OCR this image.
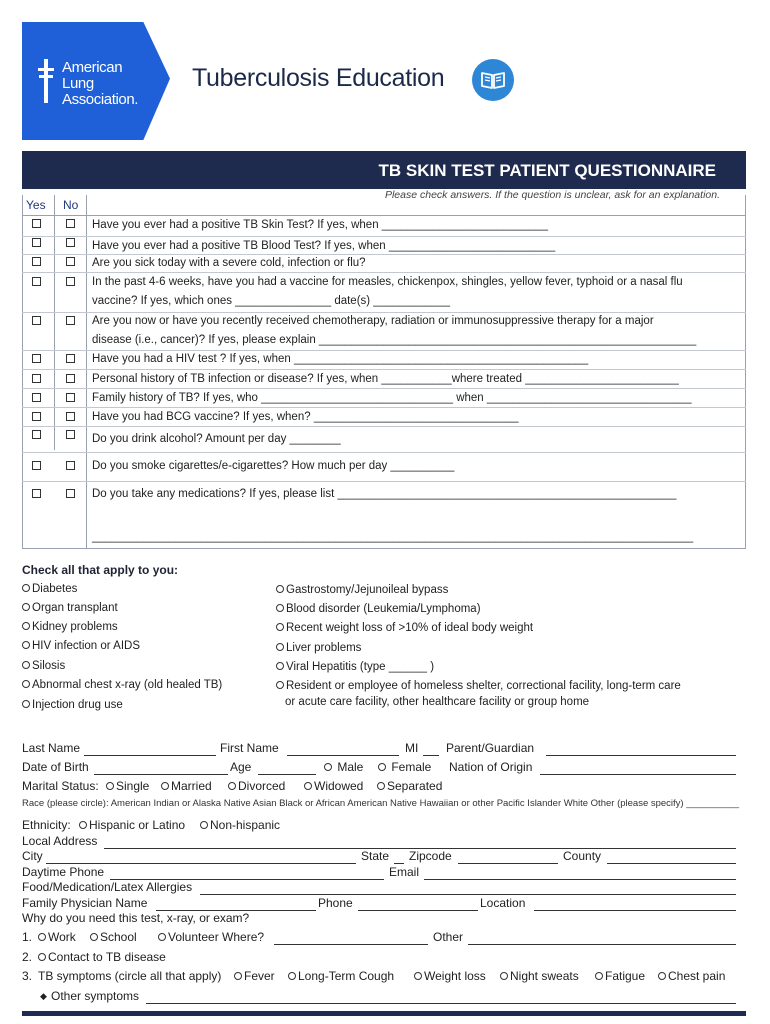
American
Lung
Association.
Tuberculosis Education
TB SKIN TEST PATIENT QUESTIONNAIRE
Please check answers. If the question is unclear, ask for an explanation.
Yes No
Have you ever had a positive TB Skin Test? If yes, when __________________________
Have you ever had a positive TB Blood Test? If yes, when __________________________
Are you sick today with a severe cold, infection or flu?
In the past 4-6 weeks, have you had a vaccine for measles, chickenpox, shingles, yellow fever, typhoid or a nasal flu
vaccine? If yes, which ones _______________ date(s) ____________
Are you now or have you recently received chemotherapy, radiation or immunosuppressive therapy for a major
disease (i.e., cancer)? If yes, please explain ___________________________________________________________
Have you had a HIV test ? If yes, when ______________________________________________
Personal history of TB infection or disease? If yes, when ___________where treated ________________________
Family history of TB? If yes, who ______________________________ when ________________________________
Have you had BCG vaccine? If yes, when? ________________________________
Do you drink alcohol? Amount per day ________
Do you smoke cigarettes/e-cigarettes? How much per day __________
Do you take any medications? If yes, please list _____________________________________________________
______________________________________________________________________________________________
Check all that apply to you:
Diabetes
Organ transplant
Kidney problems
HIV infection or AIDS
Silosis
Abnormal chest x-ray (old healed TB)
Injection drug use
Gastrostomy/Jejunoileal bypass
Blood disorder (Leukemia/Lymphoma)
Recent weight loss of >10% of ideal body weight
Liver problems
Viral Hepatitis (type ______ )
Resident or employee of homeless shelter, correctional facility, long-term care
or acute care facility, other healthcare facility or group home
Last Name	First Name	MI Parent/Guardian
Date of Birth	Age	Male	Female Nation of Origin
Marital Status:	Single	Married	Divorced	Widowed	Separated
Race (please circle): American Indian or Alaska Native Asian Black or African American Native Hawaiian or other Pacific Islander White Other (please specify) __________
Ethnicity:	Hispanic or Latino	Non-hispanic
Local Address
City	State Zipcode	County
Daytime Phone	Email
Food/Medication/Latex Allergies
Family Physician Name	Phone	Location
Why do you need this test, x-ray, or exam?
1.	Work	School	Volunteer Where?	Other
2.	Contact to TB disease
3. TB symptoms (circle all that apply)	Fever	Long-Term Cough	Weight loss	Night sweats	Fatigue	Chest pain
◆ Other symptoms
